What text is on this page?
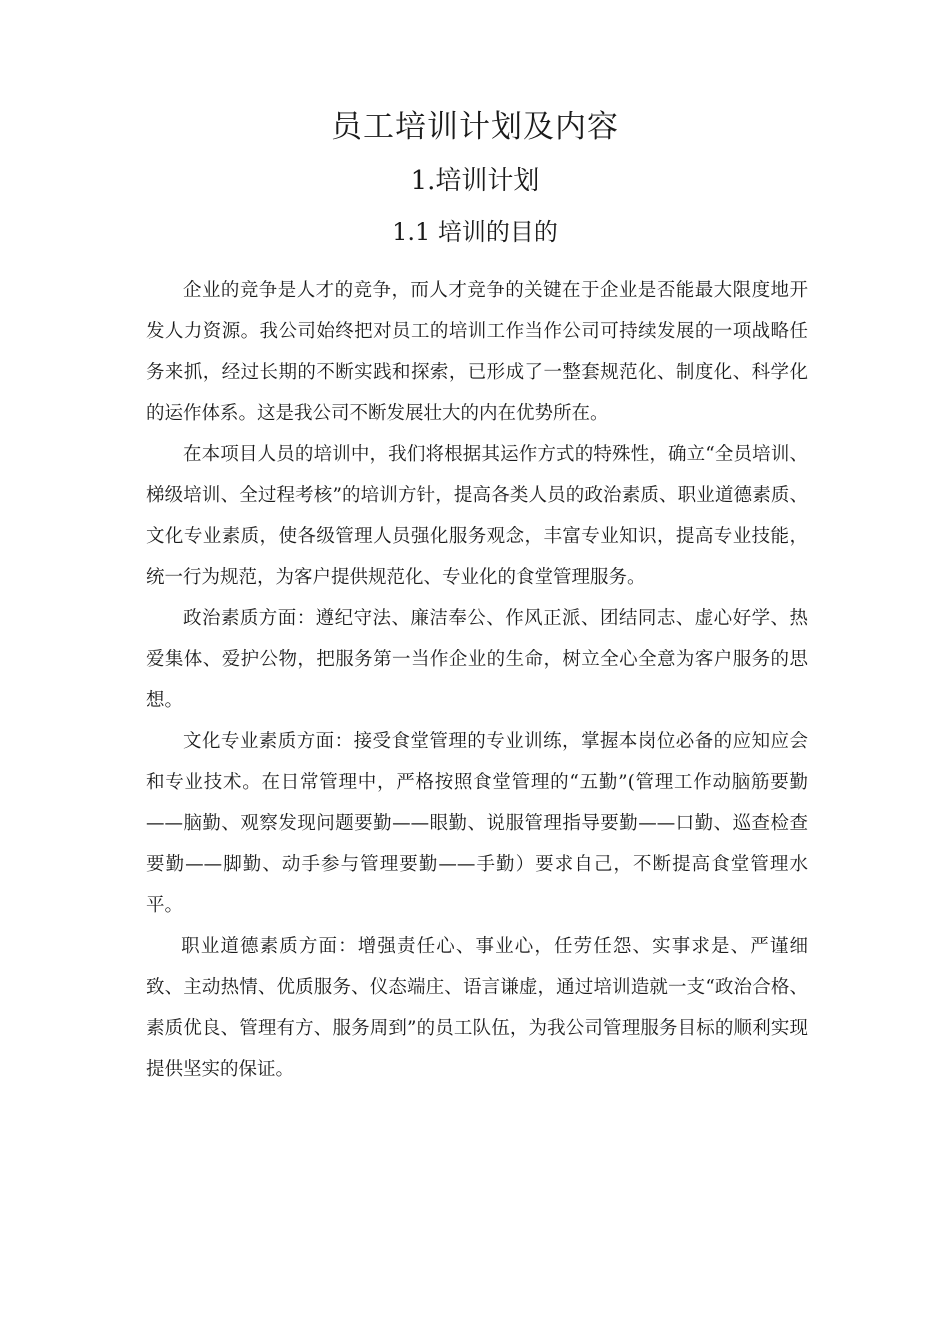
员工培训计划及内容
1.培训计划
1.1 培训的目的

企业的竞争是人才的竞争，而人才竞争的关键在于企业是否能最大限度地开发人力资源。我公司始终把对员工的培训工作当作公司可持续发展的一项战略任务来抓，经过长期的不断实践和探索，已形成了一整套规范化、制度化、科学化的运作体系。这是我公司不断发展壮大的内在优势所在。

在本项目人员的培训中，我们将根据其运作方式的特殊性，确立“全员培训、梯级培训、全过程考核”的培训方针，提高各类人员的政治素质、职业道德素质、文化专业素质，使各级管理人员强化服务观念，丰富专业知识，提高专业技能，统一行为规范，为客户提供规范化、专业化的食堂管理服务。

政治素质方面：遵纪守法、廉洁奉公、作风正派、团结同志、虚心好学、热爱集体、爱护公物，把服务第一当作企业的生命，树立全心全意为客户服务的思想。

文化专业素质方面：接受食堂管理的专业训练，掌握本岗位必备的应知应会和专业技术。在日常管理中，严格按照食堂管理的“五勤”(管理工作动脑筋要勤——脑勤、观察发现问题要勤——眼勤、说服管理指导要勤——口勤、巡查检查要勤——脚勤、动手参与管理要勤——手勤）要求自己，不断提高食堂管理水平。

职业道德素质方面：增强责任心、事业心，任劳任怨、实事求是、严谨细致、主动热情、优质服务、仪态端庄、语言谦虚，通过培训造就一支“政治合格、素质优良、管理有方、服务周到”的员工队伍，为我公司管理服务目标的顺利实现提供坚实的保证。
